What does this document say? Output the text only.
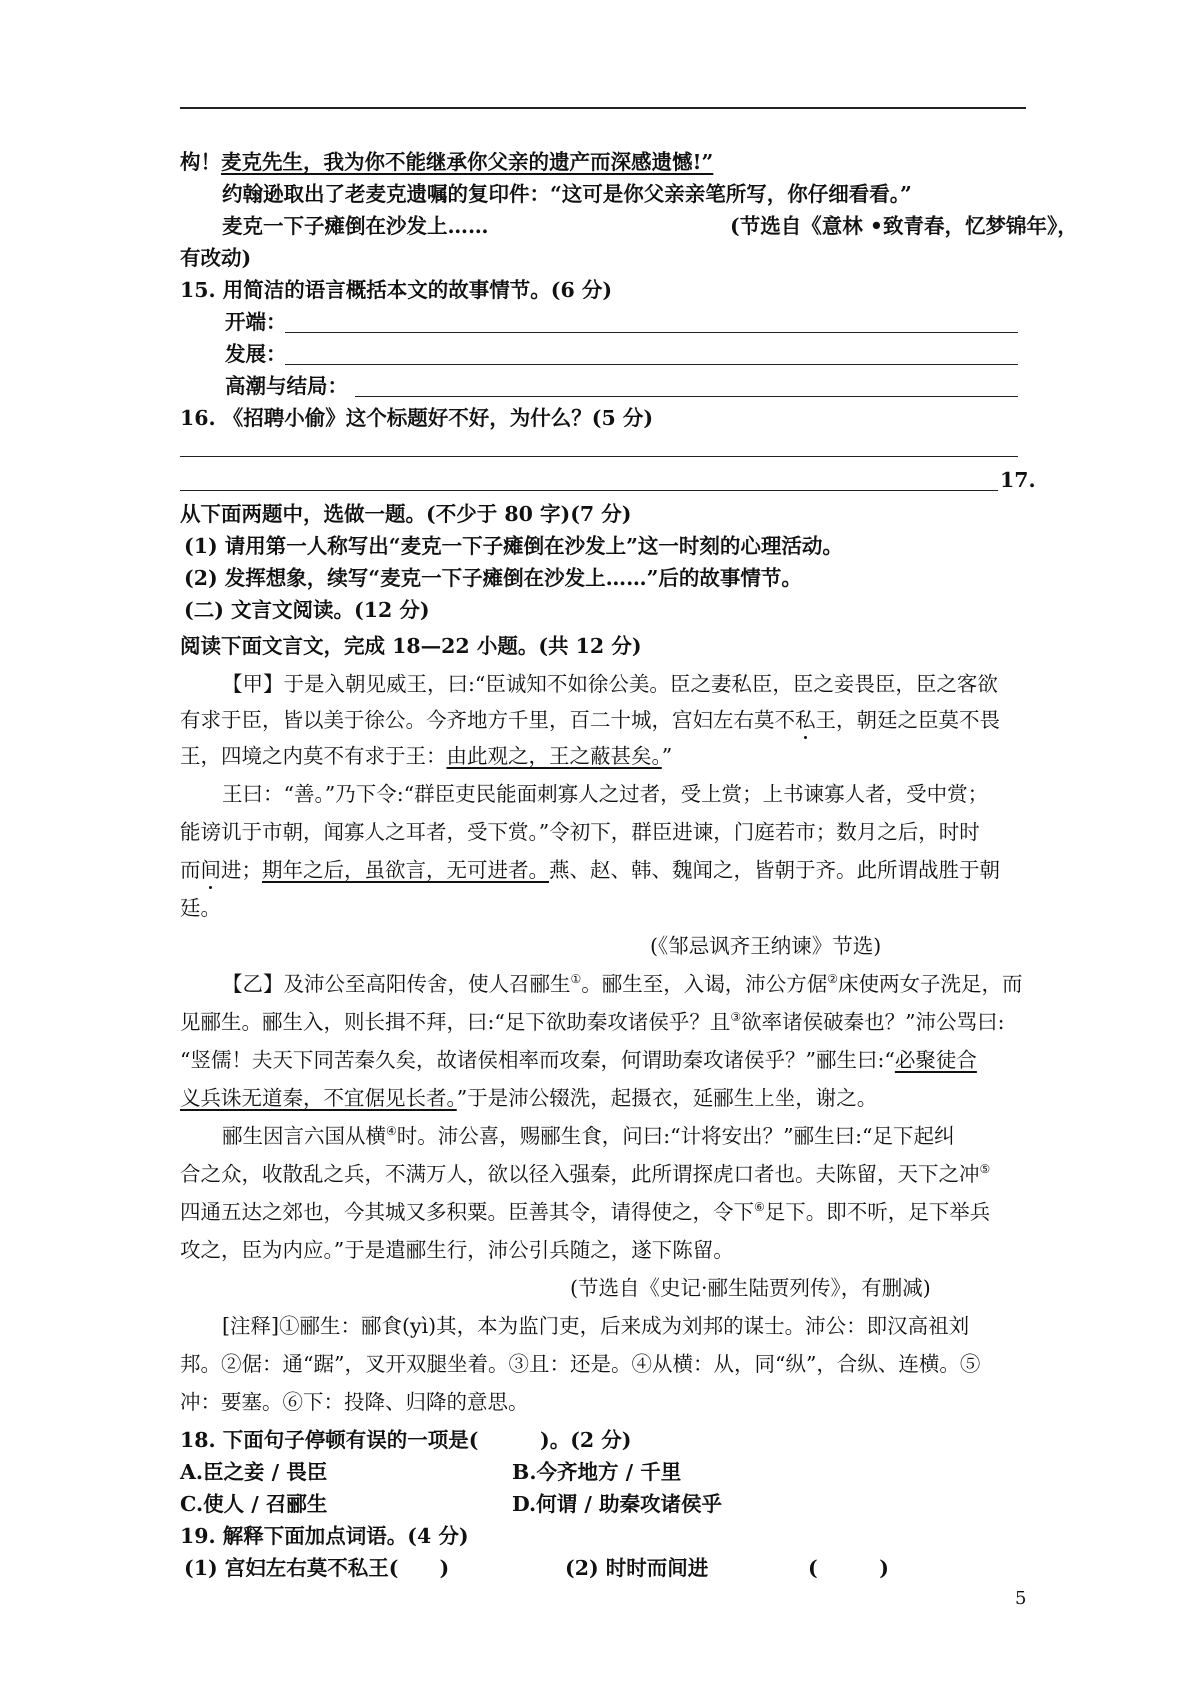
构！麦克先生，我为你不能继承你父亲的遗产而深感遗憾!”
约翰逊取出了老麦克遗嘱的复印件：“这可是你父亲亲笔所写，你仔细看看。”
麦克一下子瘫倒在沙发上……	(节选自《意林 •致青春，忆梦锦年》，
有改动)
15. 用简洁的语言概括本文的故事情节。(6 分)
开端：
发展：
高潮与结局：
16. 《招聘小偷》这个标题好不好，为什么？(5 分)
17.
从下面两题中，选做一题。(不少于 80 字)(7 分)
(1) 请用第一人称写出“麦克一下子瘫倒在沙发上”这一时刻的心理活动。
(2) 发挥想象，续写“麦克一下子瘫倒在沙发上……”后的故事情节。
(二) 文言文阅读。(12 分)
阅读下面文言文，完成 18—22 小题。(共 12 分)
【甲】于是入朝见威王，曰:“臣诚知不如徐公美。臣之妻私臣，臣之妾畏臣，臣之客欲
有求于臣，皆以美于徐公。今齐地方千里，百二十城，宫妇左右莫不私王，朝廷之臣莫不畏
王，四境之内莫不有求于王：由此观之，王之蔽甚矣。”
王曰：“善。”乃下令:“群臣吏民能面刺寡人之过者，受上赏；上书谏寡人者，受中赏；
能谤讥于市朝，闻寡人之耳者，受下赏。”令初下，群臣进谏，门庭若市；数月之后，时时
而间进；期年之后，虽欲言，无可进者。燕、赵、韩、魏闻之，皆朝于齐。此所谓战胜于朝
廷。
(《邹忌讽齐王纳谏》节选)
【乙】及沛公至高阳传舍，使人召郦生①。郦生至，入谒，沛公方倨②床使两女子洗足，而
见郦生。郦生入，则长揖不拜，曰:“足下欲助秦攻诸侯乎？且③欲率诸侯破秦也？”沛公骂曰:
“竖儒！夫天下同苦秦久矣，故诸侯相率而攻秦，何谓助秦攻诸侯乎？”郦生曰:“必聚徒合
义兵诛无道秦，不宜倨见长者。”于是沛公辍洗，起摄衣，延郦生上坐，谢之。
郦生因言六国从横④时。沛公喜，赐郦生食，问曰:“计将安出？”郦生曰:“足下起纠
合之众，收散乱之兵，不满万人，欲以径入强秦，此所谓探虎口者也。夫陈留，天下之冲⑤
四通五达之郊也，今其城又多积粟。臣善其令，请得使之，令下⑥足下。即不听，足下举兵
攻之，臣为内应。”于是遣郦生行，沛公引兵随之，遂下陈留。
(节选自《史记·郦生陆贾列传》，有删减)
[注释]①郦生：郦食(yì)其，本为监门吏，后来成为刘邦的谋士。沛公：即汉高祖刘
邦。②倨：通“踞”，叉开双腿坐着。③且：还是。④从横：从，同“纵”，合纵、连横。⑤
冲：要塞。⑥下：投降、归降的意思。
18. 下面句子停顿有误的一项是(　　　)。(2 分)
A.臣之妾 / 畏臣	B.今齐地方 / 千里
C.使人 / 召郦生	D.何谓 / 助秦攻诸侯乎
19. 解释下面加点词语。(4 分)
(1) 宫妇左右莫不私王(　　)	(2) 时时而间进	(　　　)
5
